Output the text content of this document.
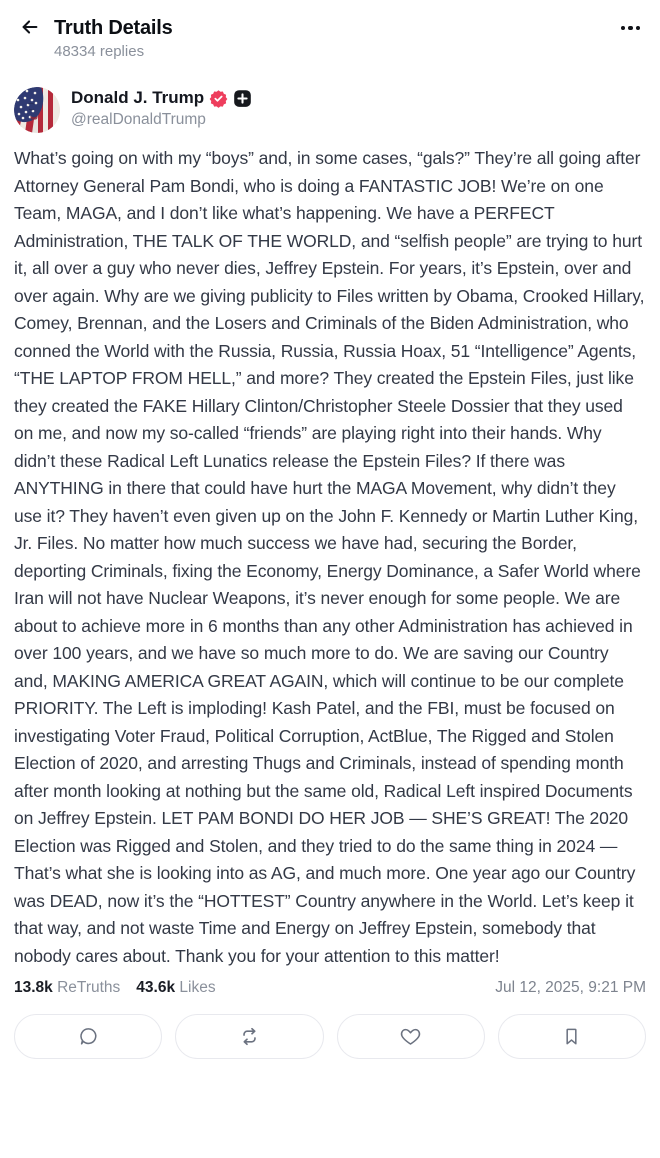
Truth Details
48334 replies
Donald J. Trump
@realDonaldTrump
What’s going on with my “boys” and, in some cases, “gals?” They’re all going after Attorney General Pam Bondi, who is doing a FANTASTIC JOB! We’re on one Team, MAGA, and I don’t like what’s happening. We have a PERFECT Administration, THE TALK OF THE WORLD, and “selfish people” are trying to hurt it, all over a guy who never dies, Jeffrey Epstein. For years, it’s Epstein, over and over again. Why are we giving publicity to Files written by Obama, Crooked Hillary, Comey, Brennan, and the Losers and Criminals of the Biden Administration, who conned the World with the Russia, Russia, Russia Hoax, 51 “Intelligence” Agents, “THE LAPTOP FROM HELL,” and more? They created the Epstein Files, just like they created the FAKE Hillary Clinton/Christopher Steele Dossier that they used on me, and now my so-called “friends” are playing right into their hands. Why didn’t these Radical Left Lunatics release the Epstein Files? If there was ANYTHING in there that could have hurt the MAGA Movement, why didn’t they use it? They haven’t even given up on the John F. Kennedy or Martin Luther King, Jr. Files. No matter how much success we have had, securing the Border, deporting Criminals, fixing the Economy, Energy Dominance, a Safer World where Iran will not have Nuclear Weapons, it’s never enough for some people. We are about to achieve more in 6 months than any other Administration has achieved in over 100 years, and we have so much more to do. We are saving our Country and, MAKING AMERICA GREAT AGAIN, which will continue to be our complete PRIORITY. The Left is imploding! Kash Patel, and the FBI, must be focused on investigating Voter Fraud, Political Corruption, ActBlue, The Rigged and Stolen Election of 2020, and arresting Thugs and Criminals, instead of spending month after month looking at nothing but the same old, Radical Left inspired Documents on Jeffrey Epstein. LET PAM BONDI DO HER JOB — SHE’S GREAT! The 2020 Election was Rigged and Stolen, and they tried to do the same thing in 2024 — That’s what she is looking into as AG, and much more. One year ago our Country was DEAD, now it’s the “HOTTEST” Country anywhere in the World. Let’s keep it that way, and not waste Time and Energy on Jeffrey Epstein, somebody that nobody cares about. Thank you for your attention to this matter!
13.8k ReTruths 43.6k Likes	Jul 12, 2025, 9:21 PM
